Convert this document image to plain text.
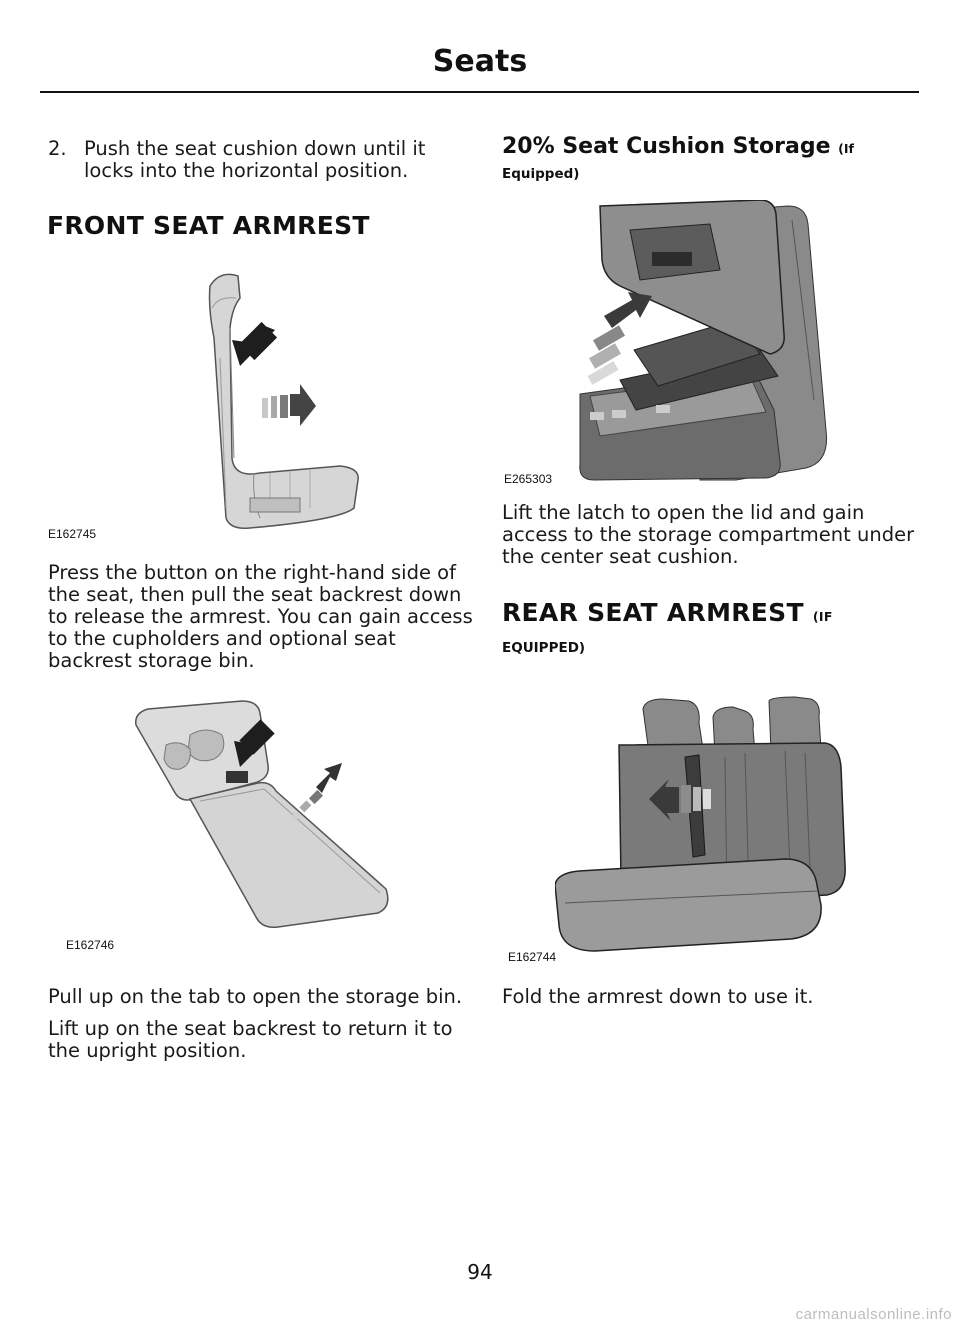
Seats
2. Push the seat cushion down until it
locks into the horizontal position.
FRONT SEAT ARMREST
E162745
Press the button on the right-hand side of
the seat, then pull the seat backrest down
to release the armrest. You can gain access
to the cupholders and optional seat
backrest storage bin.
E162746
Pull up on the tab to open the storage bin.
Lift up on the seat backrest to return it to
the upright position.
20% Seat Cushion Storage (If
Equipped)
E265303
Lift the latch to open the lid and gain
access to the storage compartment under
the center seat cushion.
REAR SEAT ARMREST (IF
EQUIPPED)
E162744
Fold the armrest down to use it.
94
carmanualsonline.info
